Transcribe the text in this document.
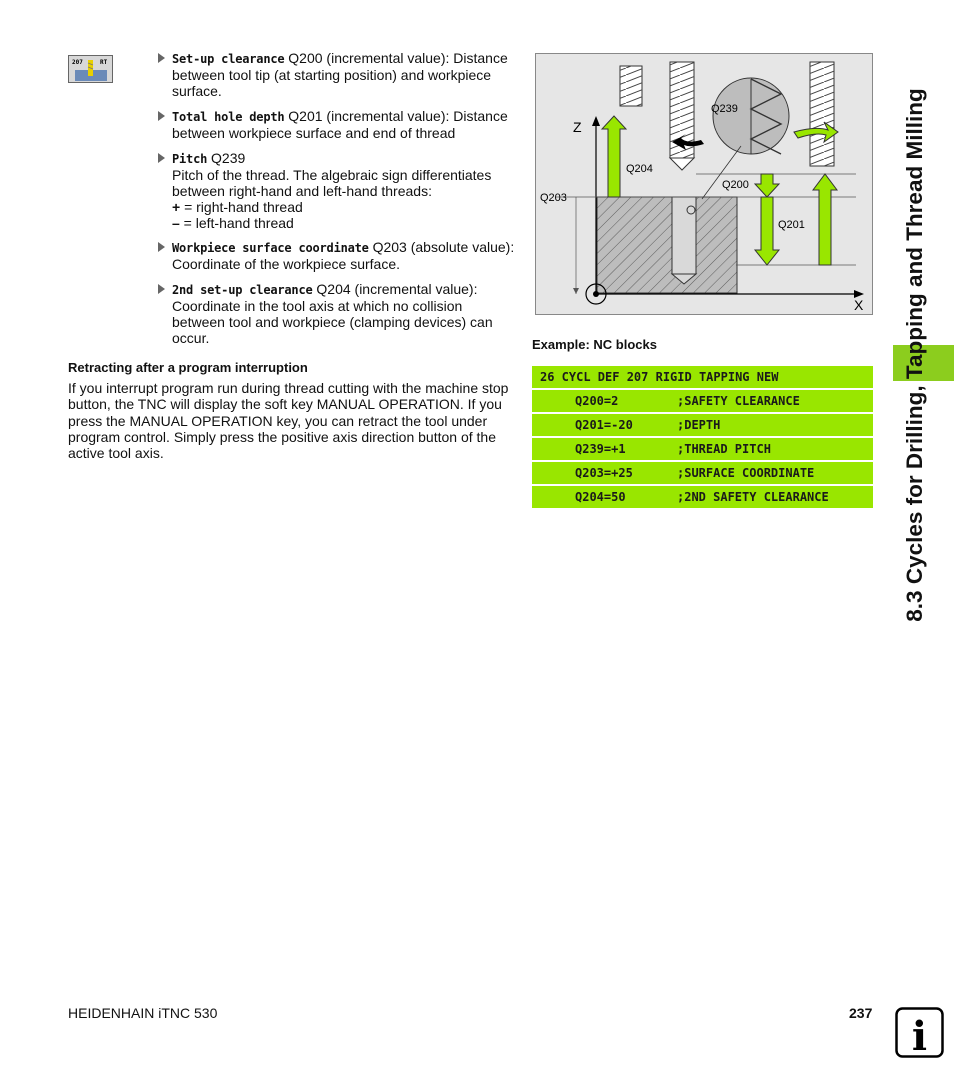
207	RT	Set-up clearance Q200 (incremental value): Distance between tool tip (at starting position) and workpiece surface.
Total hole depth Q201 (incremental value): Distance between workpiece surface and end of thread
Pitch Q239
Pitch of the thread. The algebraic sign differentiates between right-hand and left-hand threads:
+ = right-hand thread
– = left-hand thread
Workpiece surface coordinate Q203 (absolute value): Coordinate of the workpiece surface.
2nd set-up clearance Q204 (incremental value): Coordinate in the tool axis at which no collision between tool and workpiece (clamping devices) can occur.
Retracting after a program interruption
If you interrupt program run during thread cutting with the machine stop button, the TNC will display the soft key MANUAL OPERATION. If you press the MANUAL OPERATION key, you can retract the tool under program control. Simply press the positive axis direction button of the active tool axis.
Z
X
Q203
Q239
Q204
Q200
Q201
Example: NC blocks
26 CYCL DEF 207 RIGID TAPPING NEW
Q200=2	;SAFETY CLEARANCE
Q201=-20	;DEPTH
Q239=+1	;THREAD PITCH
Q203=+25	;SURFACE COORDINATE
Q204=50	;2ND SAFETY CLEARANCE	8.3 Cycles for Drilling, Tapping and Thread Milling
HEIDENHAIN iTNC 530	237 i
